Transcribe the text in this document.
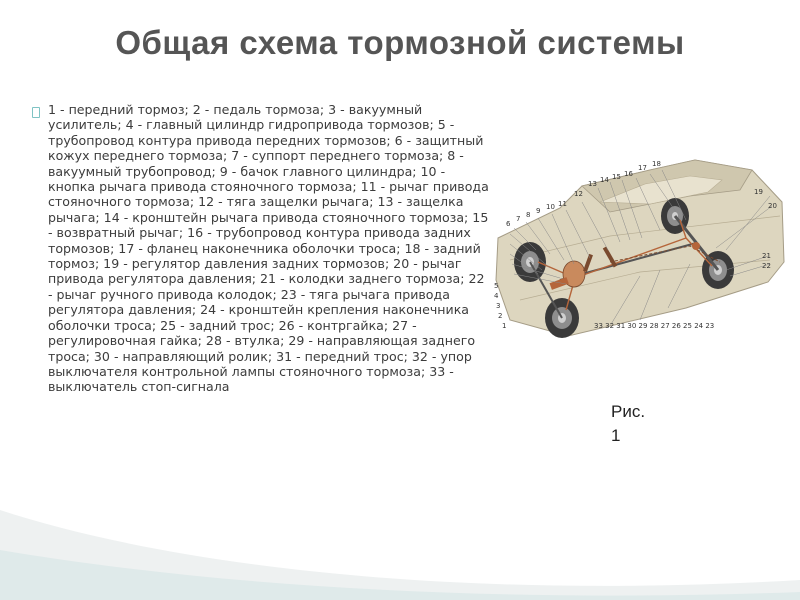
Общая схема тормозной системы

1 - передний тормоз; 2 - педаль тормоза; 3 - вакуумный усилитель; 4 - главный цилиндр гидропривода тормозов; 5 - трубопровод контура привода передних тормозов; 6 - защитный кожух переднего тормоза; 7 - суппорт переднего тормоза; 8 - вакуумный трубопровод; 9 - бачок главного цилиндра; 10 - кнопка рычага привода стояночного тормоза; 11 - рычаг привода стояночного тормоза; 12 - тяга защелки рычага; 13 - защелка рычага; 14 - кронштейн рычага привода стояночного тормоза; 15 - возвратный рычаг; 16 - трубопровод контура привода задних тормозов; 17 - фланец наконечника оболочки троса; 18 - задний тормоз; 19 - регулятор давления задних тормозов; 20 - рычаг привода регулятора давления; 21 - колодки заднего тормоза; 22 - рычаг ручного привода колодок; 23 - тяга рычага привода регулятора давления; 24 - кронштейн крепления наконечника оболочки троса; 25 - задний трос; 26 - контргайка; 27 - регулировочная гайка; 28 - втулка; 29 - направляющая заднего троса; 30 - направляющий ролик; 31 - передний трос; 32 - упор выключателя контрольной лампы стояночного тормоза; 33 - выключатель стоп-сигнала

6
7 8 9 10 11
12
13 14 15 16
17 18
19
20
21
22
5
4
3
2
1	33 32 31 30 29 28 27 26 25 24 23
Рис.
1
